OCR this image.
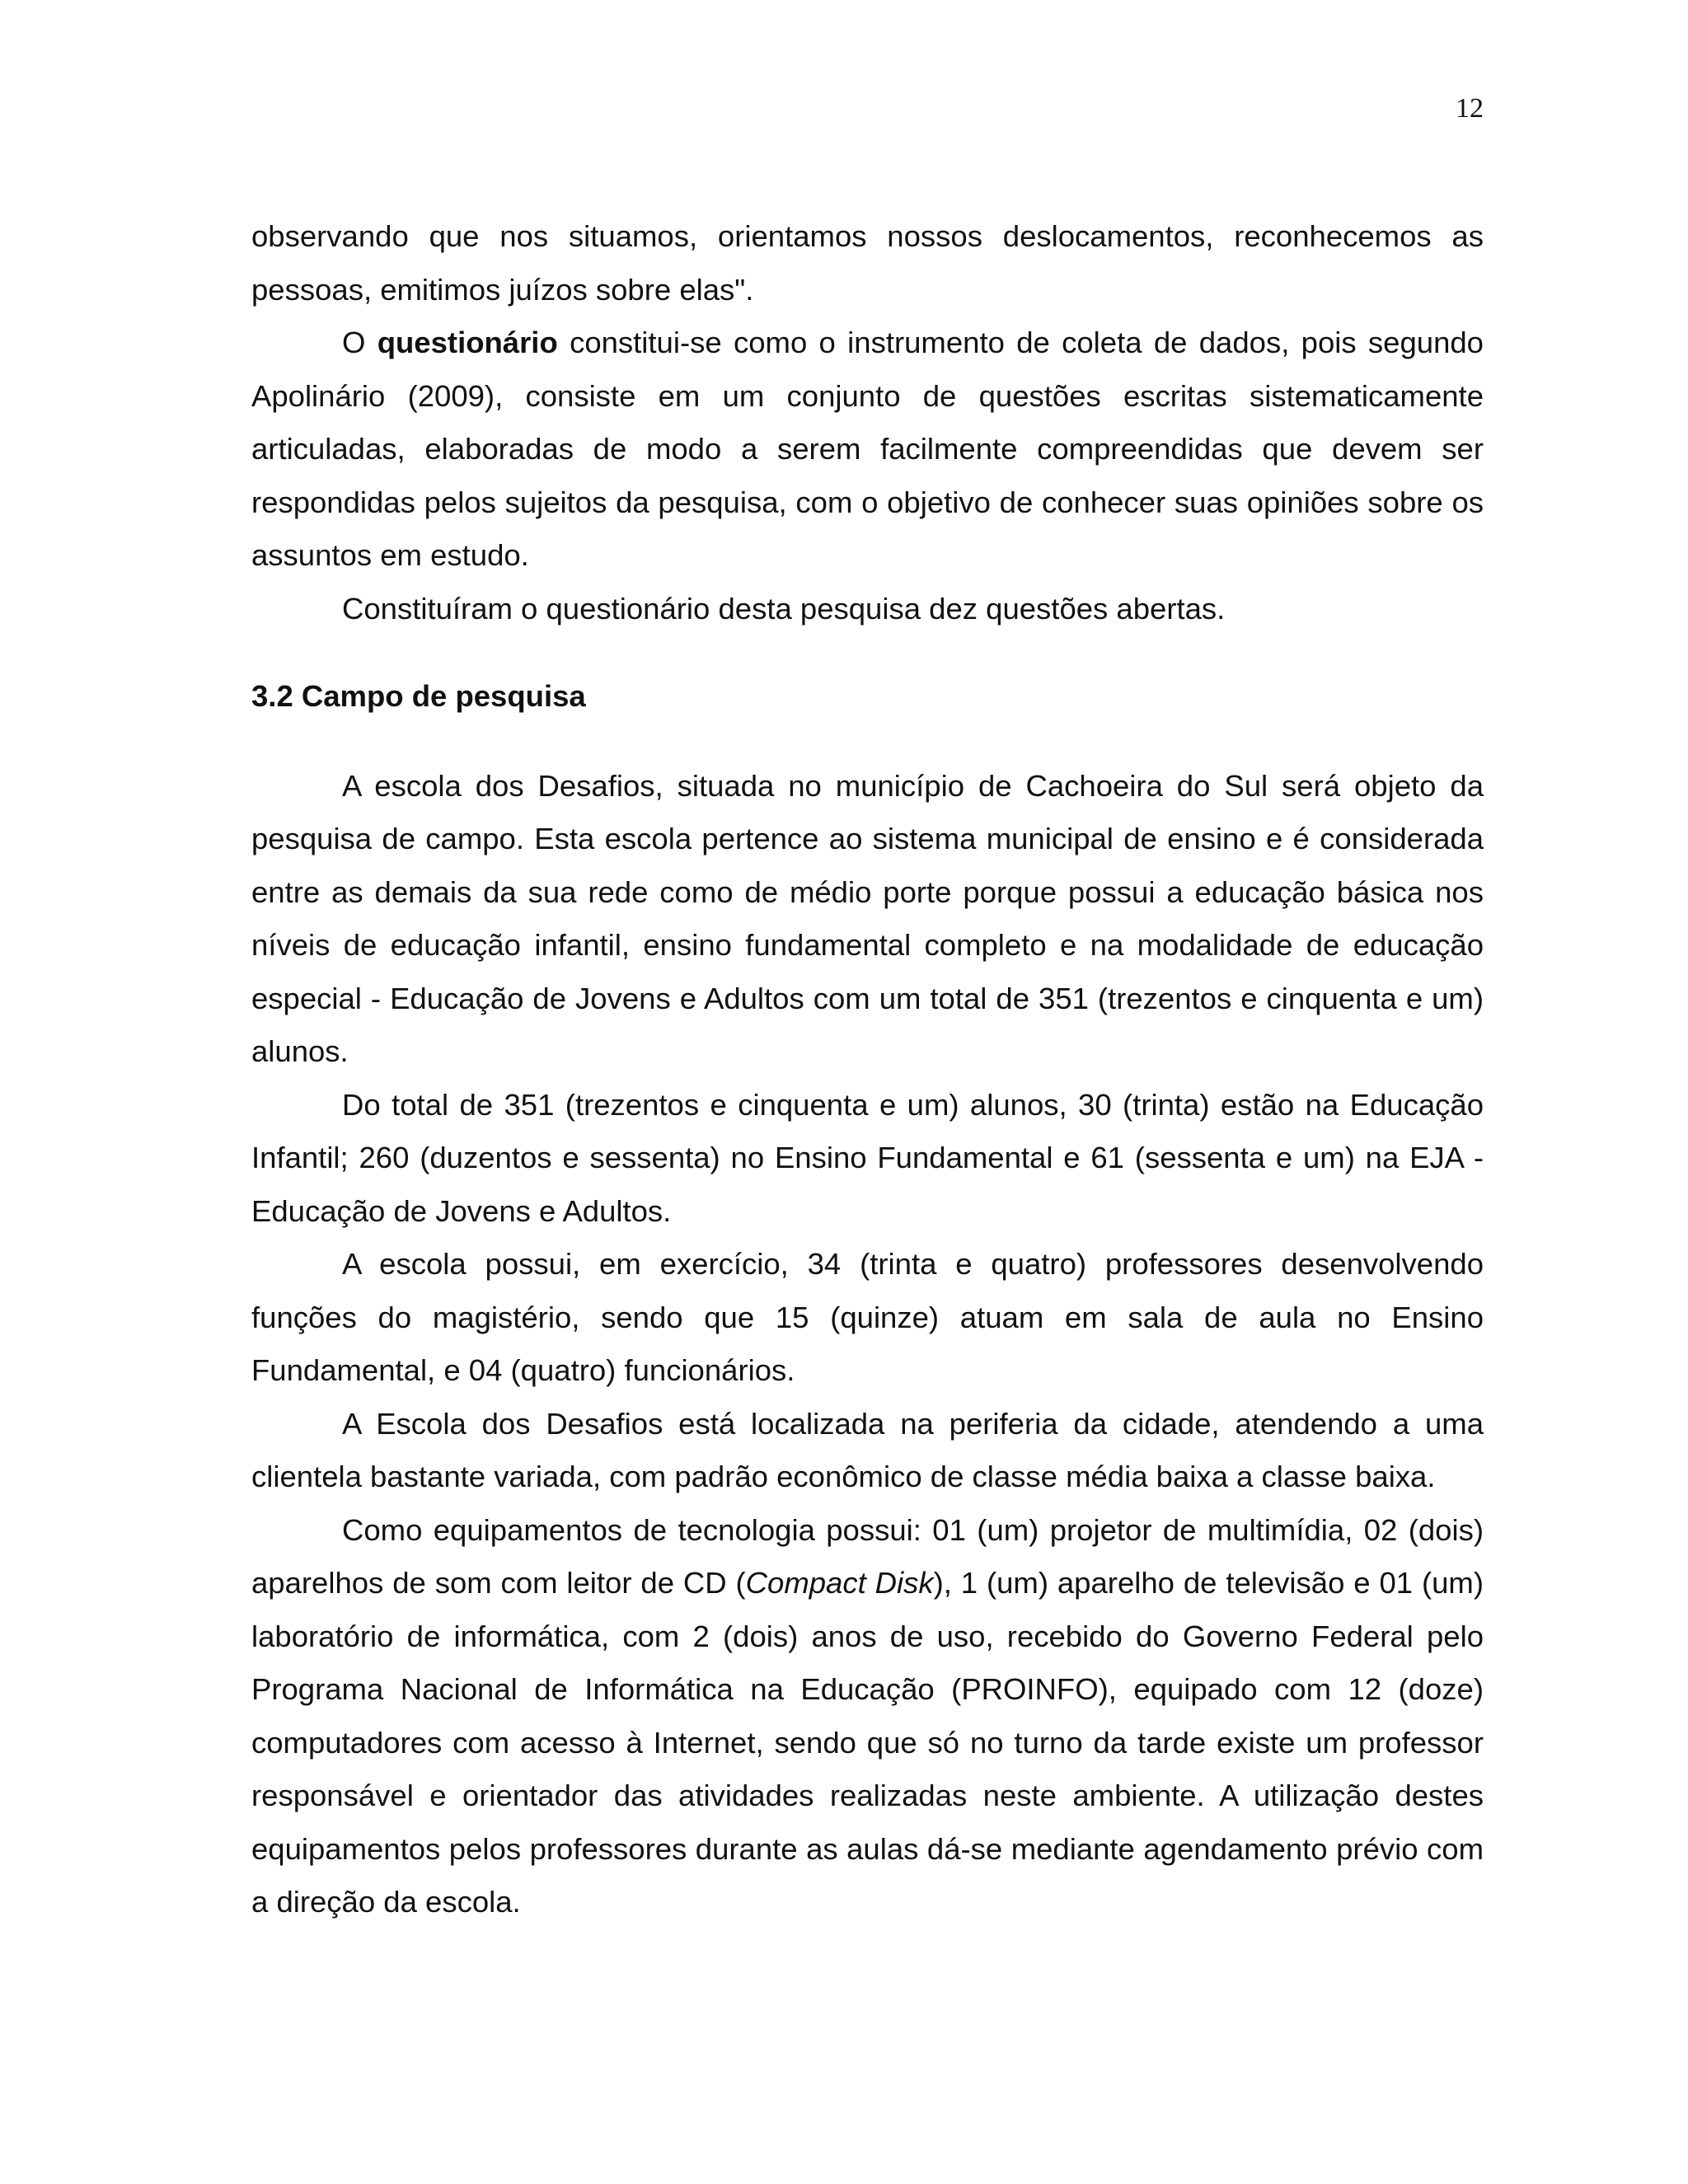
12

observando que nos situamos, orientamos nossos deslocamentos, reconhecemos as pessoas, emitimos juízos sobre elas".

O questionário constitui-se como o instrumento de coleta de dados, pois segundo Apolinário (2009), consiste em um conjunto de questões escritas sistematicamente articuladas, elaboradas de modo a serem facilmente compreendidas que devem ser respondidas pelos sujeitos da pesquisa, com o objetivo de conhecer suas opiniões sobre os assuntos em estudo.

Constituíram o questionário desta pesquisa dez questões abertas.

3.2 Campo de pesquisa

A escola dos Desafios, situada no município de Cachoeira do Sul será objeto da pesquisa de campo. Esta escola pertence ao sistema municipal de ensino e é considerada entre as demais da sua rede como de médio porte porque possui a educação básica nos níveis de educação infantil, ensino fundamental completo e na modalidade de educação especial - Educação de Jovens e Adultos com um total de 351 (trezentos e cinquenta e um) alunos.

Do total de 351 (trezentos e cinquenta e um) alunos, 30 (trinta) estão na Educação Infantil; 260 (duzentos e sessenta) no Ensino Fundamental e 61 (sessenta e um) na EJA - Educação de Jovens e Adultos.

A escola possui, em exercício, 34 (trinta e quatro) professores desenvolvendo funções do magistério, sendo que 15 (quinze) atuam em sala de aula no Ensino Fundamental, e 04 (quatro) funcionários.

A Escola dos Desafios está localizada na periferia da cidade, atendendo a uma clientela bastante variada, com padrão econômico de classe média baixa a classe baixa.

Como equipamentos de tecnologia possui: 01 (um) projetor de multimídia, 02 (dois) aparelhos de som com leitor de CD (Compact Disk), 1 (um) aparelho de televisão e 01 (um) laboratório de informática, com 2 (dois) anos de uso, recebido do Governo Federal pelo Programa Nacional de Informática na Educação (PROINFO), equipado com 12 (doze) computadores com acesso à Internet, sendo que só no turno da tarde existe um professor responsável e orientador das atividades realizadas neste ambiente. A utilização destes equipamentos pelos professores durante as aulas dá-se mediante agendamento prévio com a direção da escola.
